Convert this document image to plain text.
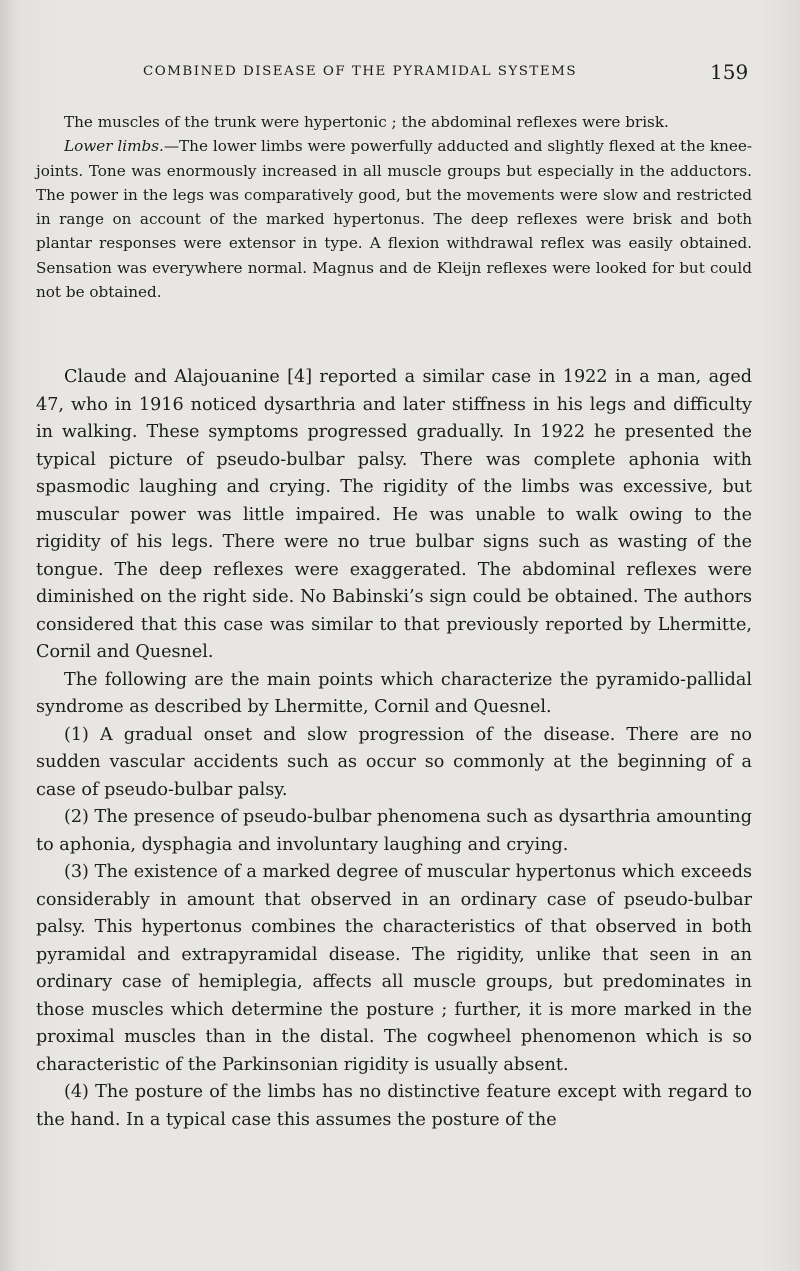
COMBINED DISEASE OF THE PYRAMIDAL SYSTEMS	159

The muscles of the trunk were hypertonic ; the abdominal reflexes were brisk.

Lower limbs.—The lower limbs were powerfully adducted and slightly flexed at the knee-joints. Tone was enormously increased in all muscle groups but especially in the adductors. The power in the legs was comparatively good, but the movements were slow and restricted in range on account of the marked hypertonus. The deep reflexes were brisk and both plantar responses were extensor in type. A flexion withdrawal reflex was easily obtained. Sensation was everywhere normal. Magnus and de Kleijn reflexes were looked for but could not be obtained.

Claude and Alajouanine [4] reported a similar case in 1922 in a man, aged 47, who in 1916 noticed dysarthria and later stiffness in his legs and difficulty in walking. These symptoms progressed gradually. In 1922 he presented the typical picture of pseudo-bulbar palsy. There was complete aphonia with spasmodic laughing and crying. The rigidity of the limbs was excessive, but muscular power was little impaired. He was unable to walk owing to the rigidity of his legs. There were no true bulbar signs such as wasting of the tongue. The deep reflexes were exaggerated. The abdominal reflexes were diminished on the right side. No Babinski’s sign could be obtained. The authors considered that this case was similar to that previously reported by Lhermitte, Cornil and Quesnel.

The following are the main points which characterize the pyramido-pallidal syndrome as described by Lhermitte, Cornil and Quesnel.

(1) A gradual onset and slow progression of the disease. There are no sudden vascular accidents such as occur so commonly at the beginning of a case of pseudo-bulbar palsy.

(2) The presence of pseudo-bulbar phenomena such as dysarthria amounting to aphonia, dysphagia and involuntary laughing and crying.

(3) The existence of a marked degree of muscular hypertonus which exceeds considerably in amount that observed in an ordinary case of pseudo-bulbar palsy. This hypertonus combines the characteristics of that observed in both pyramidal and extrapyramidal disease. The rigidity, unlike that seen in an ordinary case of hemiplegia, affects all muscle groups, but predominates in those muscles which determine the posture ; further, it is more marked in the proximal muscles than in the distal. The cogwheel phenomenon which is so characteristic of the Parkinsonian rigidity is usually absent.

(4) The posture of the limbs has no distinctive feature except with regard to the hand. In a typical case this assumes the posture of the
